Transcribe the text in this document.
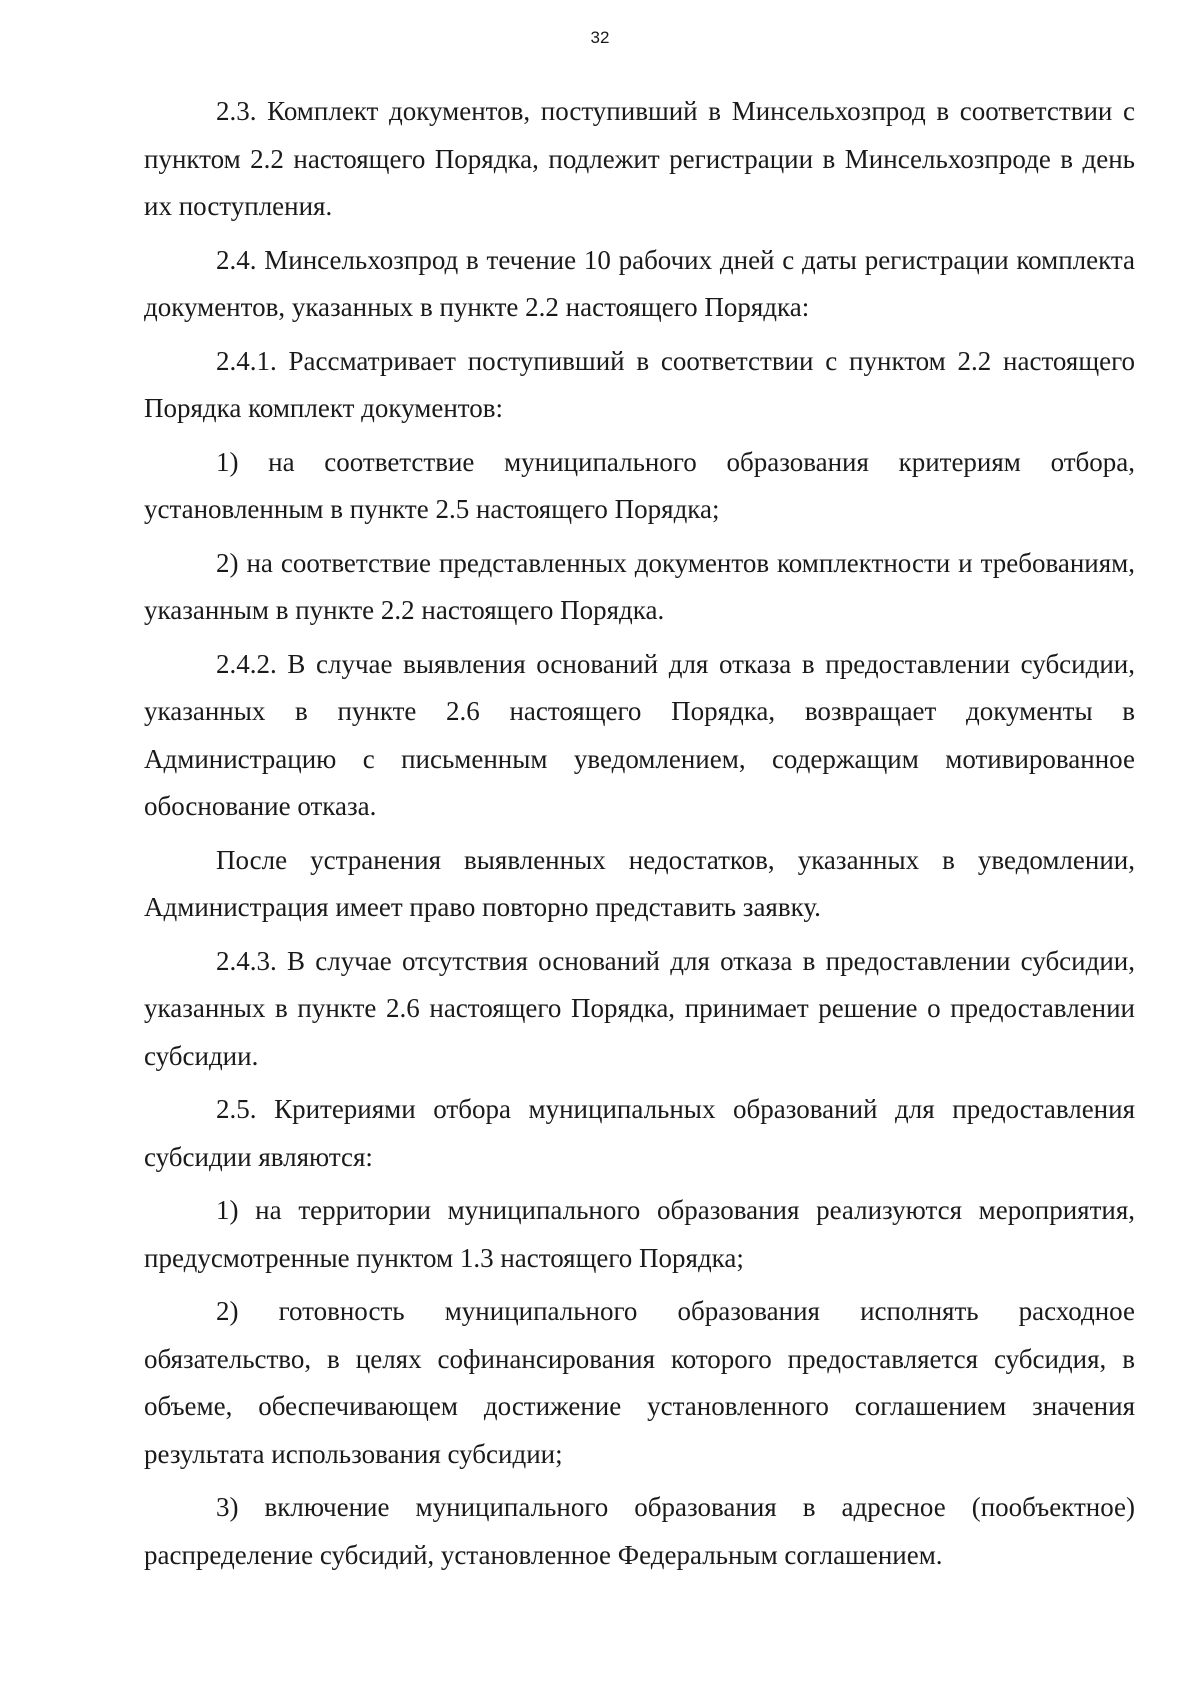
32

2.3. Комплект документов, поступивший в Минсельхозпрод в соответствии с пунктом 2.2 настоящего Порядка, подлежит регистрации в Минсельхозпроде в день их поступления.

2.4. Минсельхозпрод в течение 10 рабочих дней с даты регистрации комплекта документов, указанных в пункте 2.2 настоящего Порядка:

2.4.1. Рассматривает поступивший в соответствии с пунктом 2.2 настоящего Порядка комплект документов:

1) на соответствие муниципального образования критериям отбора, установленным в пункте 2.5 настоящего Порядка;

2) на соответствие представленных документов комплектности и требованиям, указанным в пункте 2.2 настоящего Порядка.

2.4.2. В случае выявления оснований для отказа в предоставлении субсидии, указанных в пункте 2.6 настоящего Порядка, возвращает документы в Администрацию с письменным уведомлением, содержащим мотивированное обоснование отказа.

После устранения выявленных недостатков, указанных в уведомлении, Администрация имеет право повторно представить заявку.

2.4.3. В случае отсутствия оснований для отказа в предоставлении субсидии, указанных в пункте 2.6 настоящего Порядка, принимает решение о предоставлении субсидии.

2.5. Критериями отбора муниципальных образований для предоставления субсидии являются:

1) на территории муниципального образования реализуются мероприятия, предусмотренные пунктом 1.3 настоящего Порядка;

2) готовность муниципального образования исполнять расходное обязательство, в целях софинансирования которого предоставляется субсидия, в объеме, обеспечивающем достижение установленного соглашением значения результата использования субсидии;

3) включение муниципального образования в адресное (пообъектное) распределение субсидий, установленное Федеральным соглашением.
